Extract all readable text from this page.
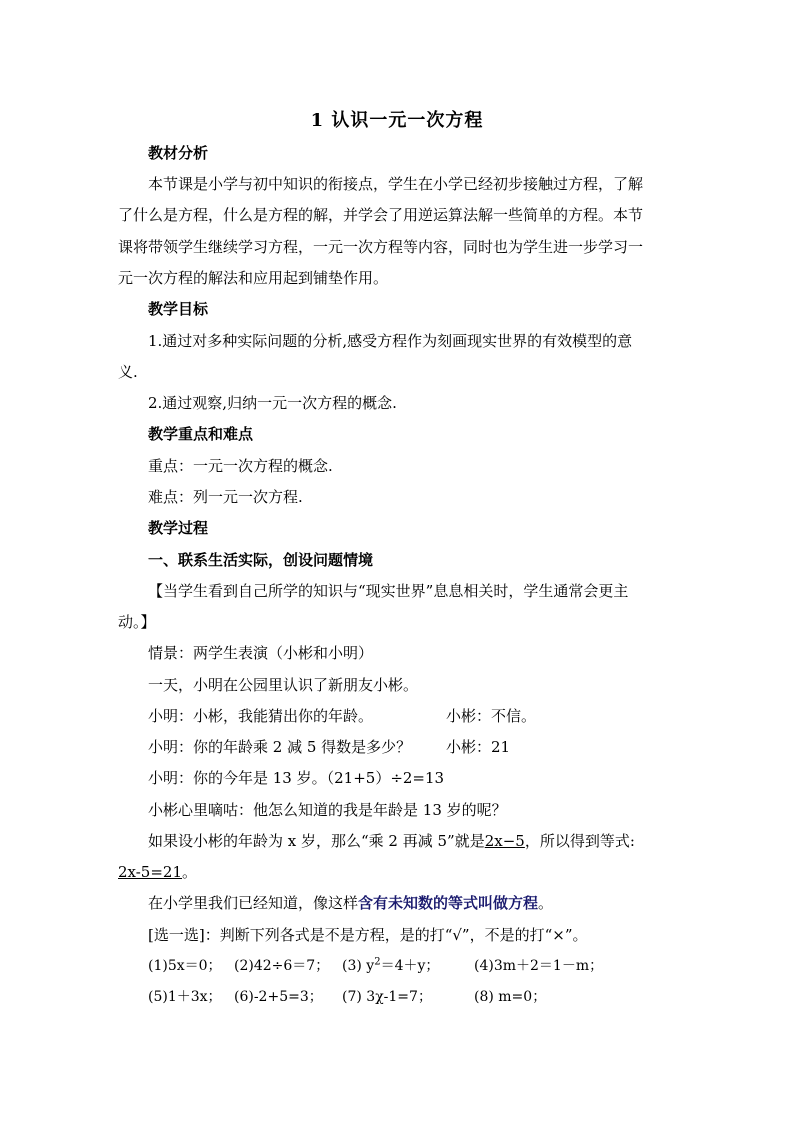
1 认识一元一次方程
教材分析
本节课是小学与初中知识的衔接点，学生在小学已经初步接触过方程，了解
了什么是方程，什么是方程的解，并学会了用逆运算法解一些简单的方程。本节
课将带领学生继续学习方程，一元一次方程等内容，同时也为学生进一步学习一
元一次方程的解法和应用起到铺垫作用。
教学目标
1.通过对多种实际问题的分析,感受方程作为刻画现实世界的有效模型的意
义.
2.通过观察,归纳一元一次方程的概念.
教学重点和难点
重点：一元一次方程的概念.
难点：列一元一次方程.
教学过程
一、联系生活实际，创设问题情境
【当学生看到自己所学的知识与“现实世界”息息相关时，学生通常会更主
动。】
情景：两学生表演（小彬和小明）
一天，小明在公园里认识了新朋友小彬。
小明：小彬，我能猜出你的年龄。	小彬：不信。
小明：你的年龄乘 2 减 5 得数是多少？ 小彬：21
小明：你的今年是 13 岁。（21+5）÷2=13
小彬心里嘀咕：他怎么知道的我是年龄是 13 岁的呢？
如果设小彬的年龄为 x 岁，那么“乘 2 再减 5”就是2x−5，所以得到等式:
2x-5=21。
在小学里我们已经知道，像这样含有未知数的等式叫做方程。
[选一选]：判断下列各式是不是方程，是的打“√”，不是的打“×”。
(1)5x＝0； (2)42÷6＝7； (3) $y^2=4+y$； (4)3m＋2＝1－m；
(5)1＋3x； (6)-2+5=3； (7) 3χ-1=7；	(8) m=0；
